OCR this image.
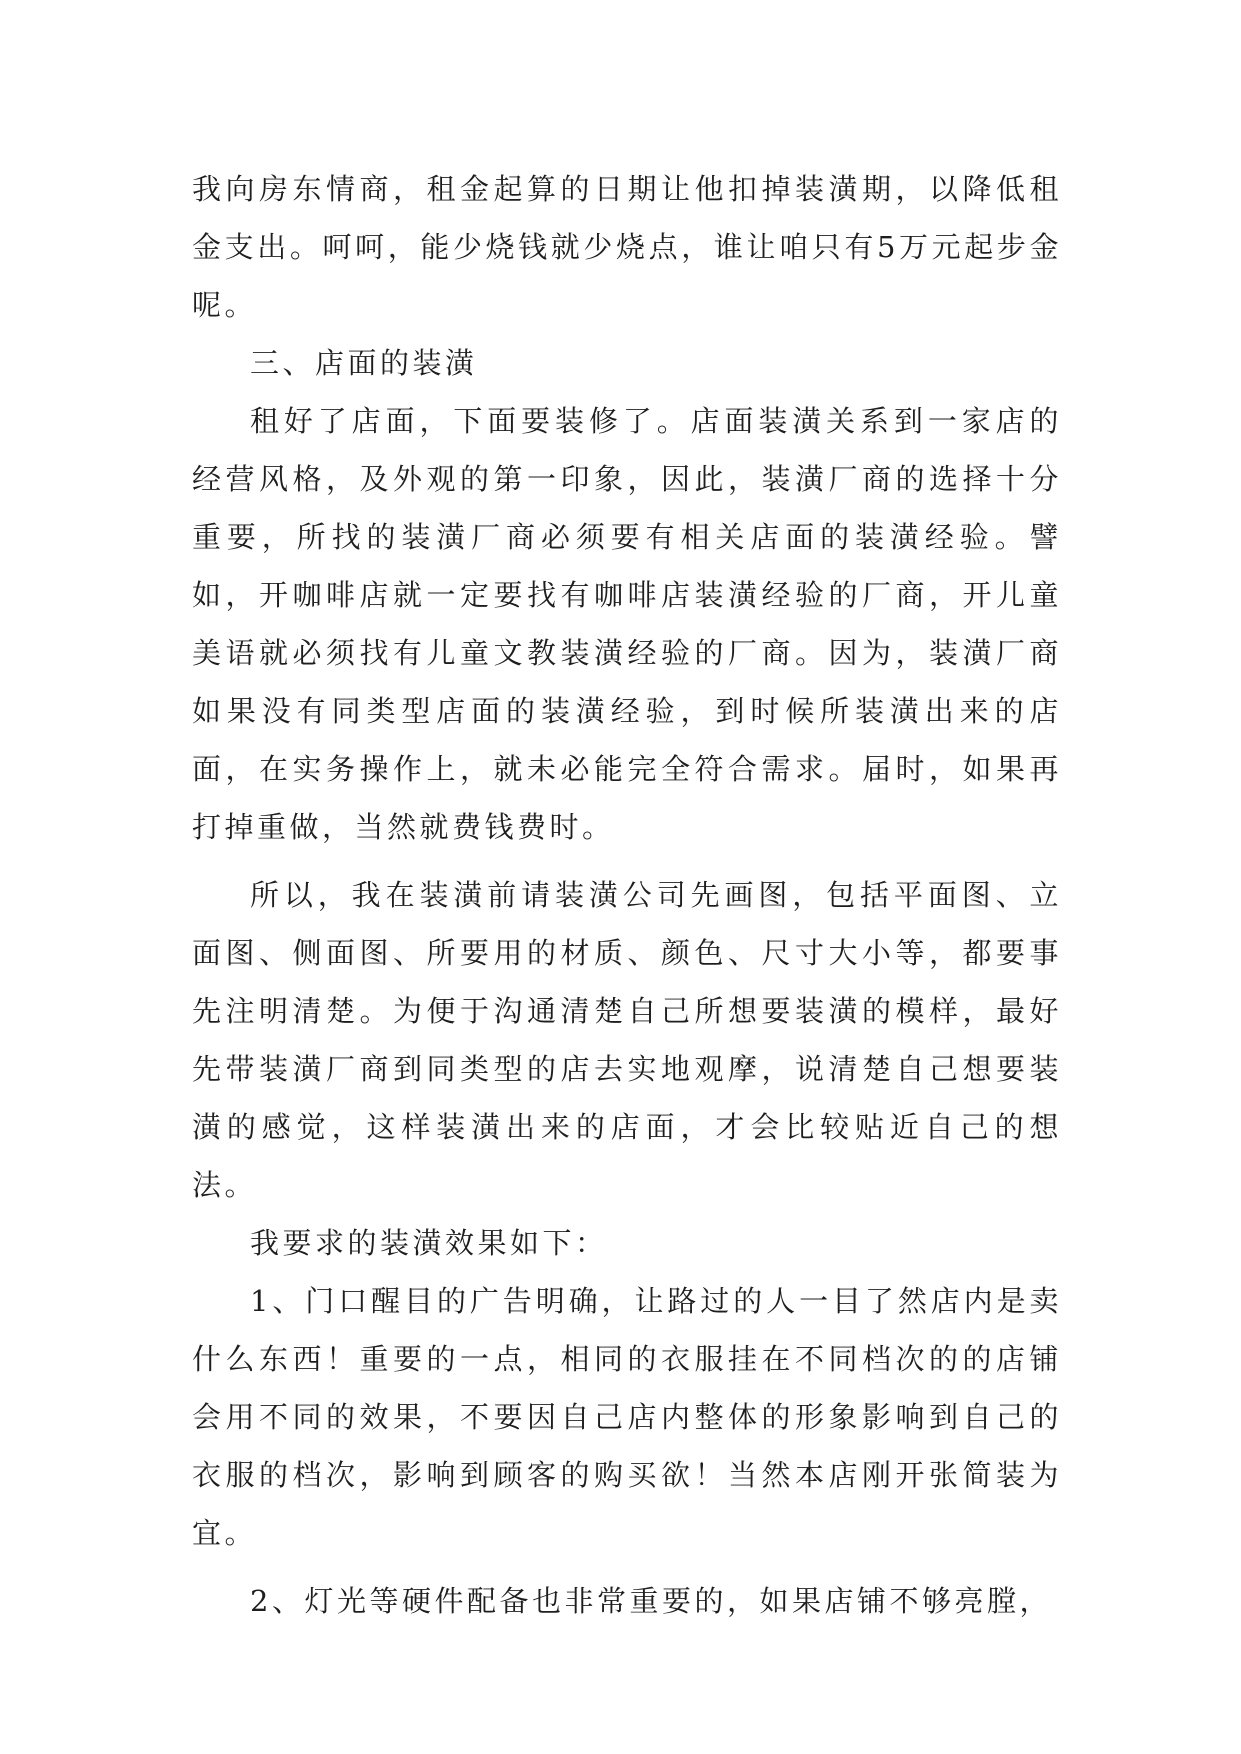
我向房东情商，租金起算的日期让他扣掉装潢期，以降低租金支出。呵呵，能少烧钱就少烧点，谁让咱只有5万元起步金呢。

三、店面的装潢

租好了店面，下面要装修了。店面装潢关系到一家店的经营风格，及外观的第一印象，因此，装潢厂商的选择十分重要，所找的装潢厂商必须要有相关店面的装潢经验。譬如，开咖啡店就一定要找有咖啡店装潢经验的厂商，开儿童美语就必须找有儿童文教装潢经验的厂商。因为，装潢厂商如果没有同类型店面的装潢经验，到时候所装潢出来的店面，在实务操作上，就未必能完全符合需求。届时，如果再打掉重做，当然就费钱费时。

所以，我在装潢前请装潢公司先画图，包括平面图、立面图、侧面图、所要用的材质、颜色、尺寸大小等，都要事先注明清楚。为便于沟通清楚自己所想要装潢的模样，最好先带装潢厂商到同类型的店去实地观摩，说清楚自己想要装潢的感觉，这样装潢出来的店面，才会比较贴近自己的想法。

我要求的装潢效果如下：

1、门口醒目的广告明确，让路过的人一目了然店内是卖什么东西！重要的一点，相同的衣服挂在不同档次的的店铺会用不同的效果，不要因自己店内整体的形象影响到自己的衣服的档次，影响到顾客的购买欲！当然本店刚开张简装为宜。

2、灯光等硬件配备也非常重要的，如果店铺不够亮膛，
